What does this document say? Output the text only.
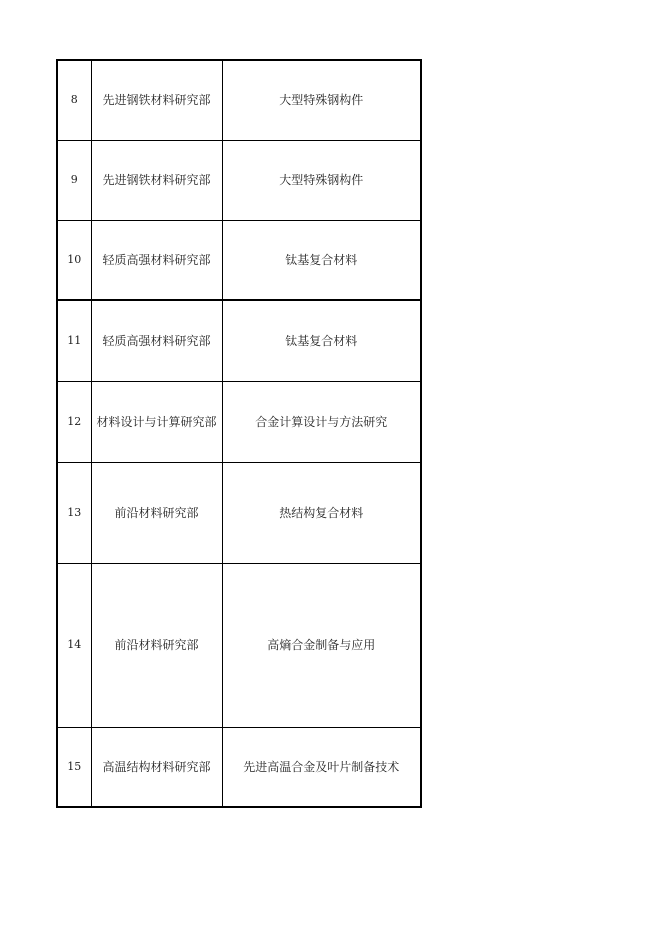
8	先进钢铁材料研究部	大型特殊钢构件
9	先进钢铁材料研究部	大型特殊钢构件
10	轻质高强材料研究部	钛基复合材料
11	轻质高强材料研究部	钛基复合材料
12	材料设计与计算研究部	合金计算设计与方法研究
13	前沿材料研究部	热结构复合材料
14	前沿材料研究部	高熵合金制备与应用
15	高温结构材料研究部	先进高温合金及叶片制备技术
